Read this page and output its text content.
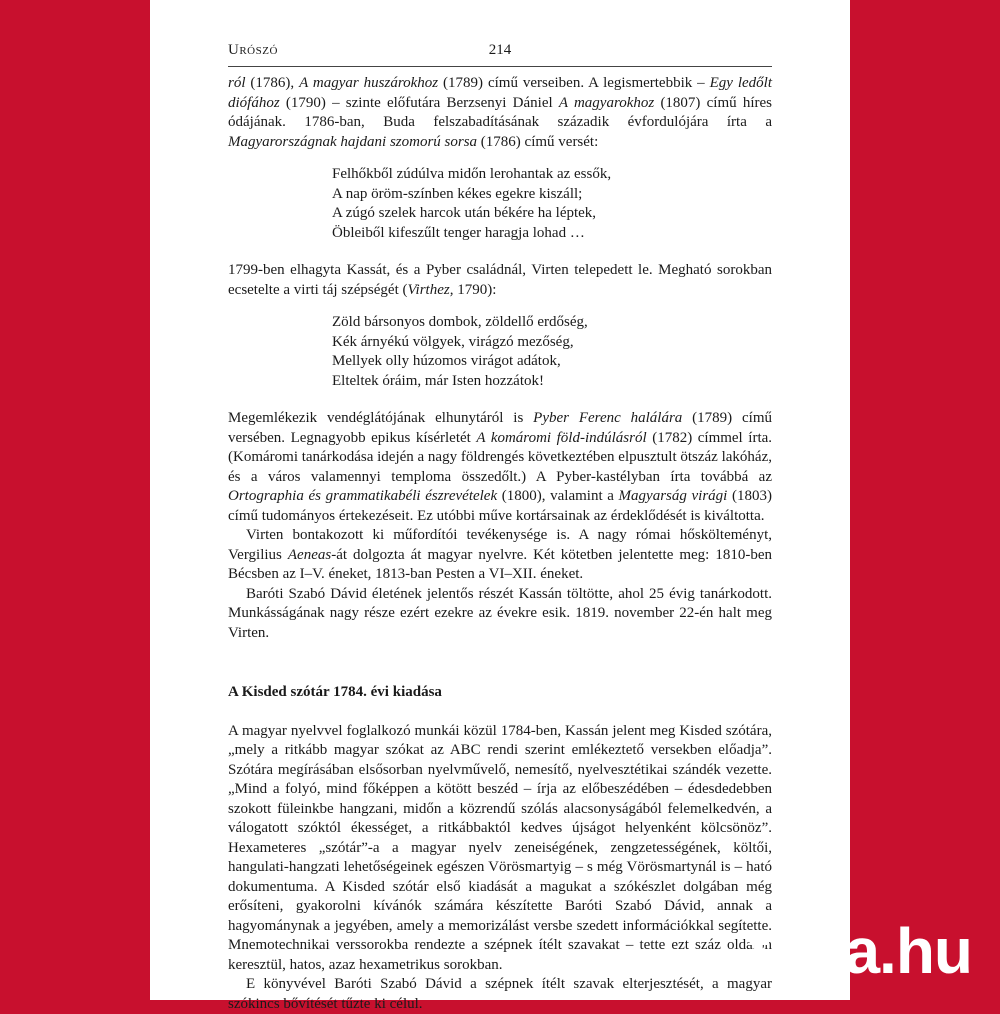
Urószó	214

ról (1786), A magyar huszárokhoz (1789) című verseiben. A legismertebbik – Egy ledőlt diófához (1790) – szinte előfutára Berzsenyi Dániel A magyarokhoz (1807) című híres ódájának. 1786-ban, Buda felszabadításának századik évfordulójára írta a Magyarországnak hajdani szomorú sorsa (1786) című versét:

Felhőkből zúdúlva midőn lerohantak az essők,
A nap öröm-színben kékes egekre kiszáll;
A zúgó szelek harcok után békére ha léptek,
Öbleiből kifeszűlt tenger haragja lohad …

1799-ben elhagyta Kassát, és a Pyber családnál, Virten telepedett le. Megható sorokban ecsetelte a virti táj szépségét (Virthez, 1790):

Zöld bársonyos dombok, zöldellő erdőség,
Kék árnyékú völgyek, virágzó mezőség,
Mellyek olly húzomos virágot adátok,
Elteltek óráim, már Isten hozzátok!

Megemlékezik vendéglátójának elhunytáról is Pyber Ferenc halálára (1789) című versében. Legnagyobb epikus kísérletét A komáromi föld-indúlásról (1782) címmel írta. (Komáromi tanárkodása idején a nagy földrengés következtében elpusztult ötszáz lakóház, és a város valamennyi temploma összedőlt.) A Pyber-kastélyban írta továbbá az Ortographia és grammatikabéli észrevételek (1800), valamint a Magyarság virági (1803) című tudományos értekezéseit. Ez utóbbi műve kortársainak az érdeklődését is kiváltotta.

Virten bontakozott ki műfordítói tevékenysége is. A nagy római hőskölteményt, Vergilius Aeneas-át dolgozta át magyar nyelvre. Két kötetben jelentette meg: 1810-ben Bécsben az I–V. éneket, 1813-ban Pesten a VI–XII. éneket.

Baróti Szabó Dávid életének jelentős részét Kassán töltötte, ahol 25 évig tanárkodott. Munkásságának nagy része ezért ezekre az évekre esik. 1819. november 22-én halt meg Virten.

A Kisded szótár 1784. évi kiadása

A magyar nyelvvel foglalkozó munkái közül 1784-ben, Kassán jelent meg Kisded szótára, „mely a ritkább magyar szókat az ABC rendi szerint emlékeztető versekben előadja”. Szótára megírásában elsősorban nyelvművelő, nemesítő, nyelvesztétikai szándék vezette. „Mind a folyó, mind főképpen a kötött beszéd – írja az előbeszédében – édesdedebben szokott füleinkbe hangzani, midőn a közrendű szólás alacsonyságából felemelkedvén, a válogatott szóktól ékességet, a ritkábbaktól kedves újságot helyenként kölcsönöz”. Hexameteres „szótár”-a a magyar nyelv zeneiségének, zengzetességének, költői, hangulati-hangzati lehetőségeinek egészen Vörösmartyig – s még Vörösmartynál is – ható dokumentuma. A Kisded szótár első kiadását a magukat a szókészlet dolgában még erősíteni, gyakorolni kívánók számára készítette Baróti Szabó Dávid, annak a hagyománynak a jegyében, amely a memorizálást versbe szedett információkkal segítette. Mnemotechnikai verssorokba rendezte a szépnek ítélt szavakat – tette ezt száz oldalon keresztül, hatos, azaz hexametrikus sorokban.

E könyvével Baróti Szabó Dávid a szépnek ítélt szavak elterjesztését, a magyar szókincs bővítését tűzte ki célul.

tinta.hu
